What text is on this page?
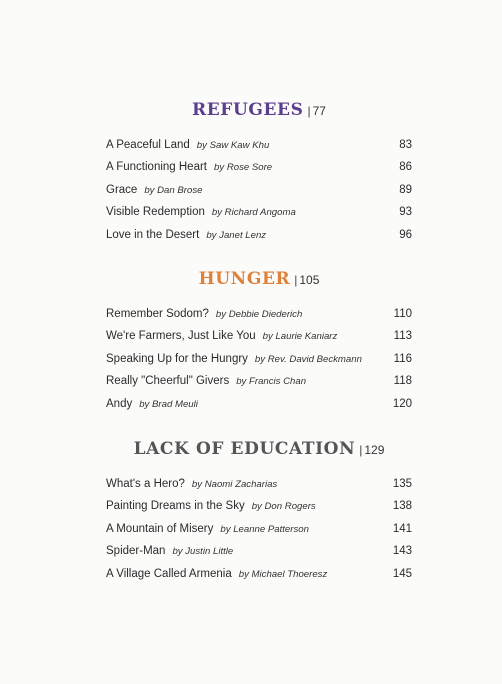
REFUGEES | 77
A Peaceful Land by Saw Kaw Khu	83
A Functioning Heart by Rose Sore	86
Grace by Dan Brose	89
Visible Redemption by Richard Angoma	93
Love in the Desert by Janet Lenz	96
HUNGER | 105
Remember Sodom? by Debbie Diederich	110
We're Farmers, Just Like You by Laurie Kaniarz	113
Speaking Up for the Hungry by Rev. David Beckmann	116
Really "Cheerful" Givers by Francis Chan	118
Andy by Brad Meuli	120
LACK OF EDUCATION | 129
What's a Hero? by Naomi Zacharias	135
Painting Dreams in the Sky by Don Rogers	138
A Mountain of Misery by Leanne Patterson	141
Spider-Man by Justin Little	143
A Village Called Armenia by Michael Thoeresz	145
